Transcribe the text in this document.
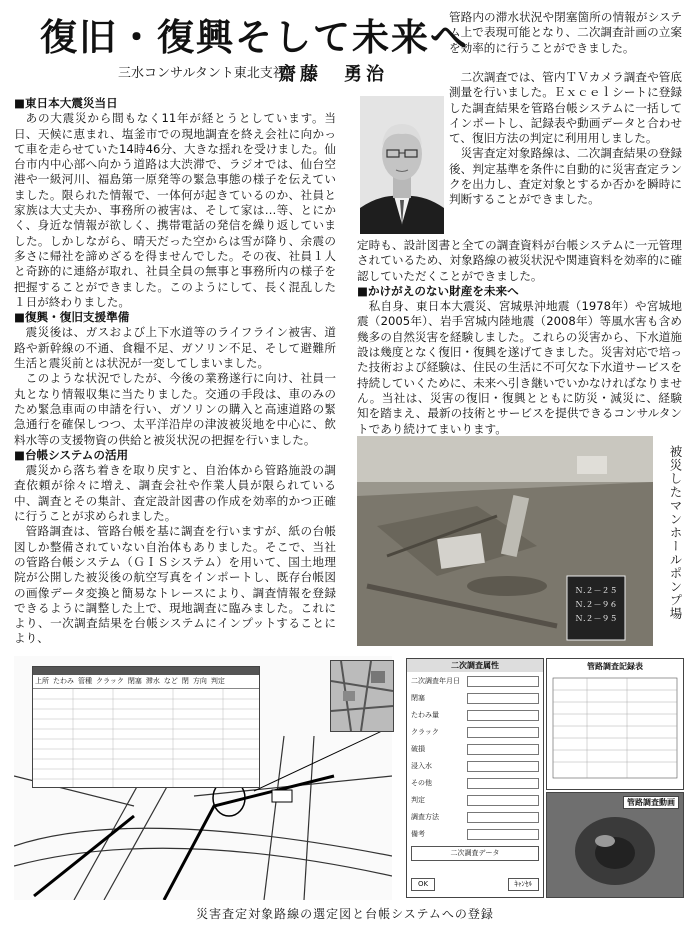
復旧・復興そして未来へ
三水コンサルタント東北支社
齋藤　勇治
■東日本大震災当日

あの大震災から間もなく11年が経とうとしています。当日、天候に恵まれ、塩釜市での現地調査を終え会社に向かって車を走らせていた14時46分、大きな揺れを受けました。仙台市内中心部へ向かう道路は大渋滞で、ラジオでは、仙台空港や一級河川、福島第一原発等の緊急事態の様子を伝えていました。限られた情報で、一体何が起きているのか、社員と家族は大丈夫か、事務所の被害は、そして家は…等、とにかく、身近な情報が欲しく、携帯電話の発信を繰り返していました。しかしながら、晴天だった空からは雪が降り、余震の多さに帰社を諦めざるを得ませんでした。その夜、社員１人と奇跡的に連絡が取れ、社員全員の無事と事務所内の様子を把握することができました。このようにして、長く混乱した１日が終わりました。

■復興・復旧支援準備

震災後は、ガスおよび上下水道等のライフライン被害、道路や新幹線の不通、食糧不足、ガソリン不足、そして避難所生活と震災前とは状況が一変してしまいました。

このような状況でしたが、今後の業務遂行に向け、社員一丸となり情報収集に当たりました。交通の手段は、車のみのため緊急車両の申請を行い、ガソリンの購入と高速道路の緊急通行を確保しつつ、太平洋沿岸の津波被災地を中心に、飲料水等の支援物資の供給と被災状況の把握を行いました。

■台帳システムの活用

震災から落ち着きを取り戻すと、自治体から管路施設の調査依頼が徐々に増え、調査会社や作業人員が限られている中、調査とその集計、査定設計図書の作成を効率的かつ正確に行うことが求められました。

管路調査は、管路台帳を基に調査を行いますが、紙の台帳図しか整備されていない自治体もありました。そこで、当社の管路台帳システム（ＧＩＳシステム）を用いて、国土地理院が公開した被災後の航空写真をインポートし、既存台帳図の画像データ変換と簡易なトレースにより、調査情報を登録できるように調整した上で、現地調査に臨みました。これにより、一次調査結果を台帳システムにインプットすることにより、

管路内の滞水状況や閉塞箇所の情報がシステム上で表現可能となり、二次調査計画の立案を効率的に行うことができました。

二次調査では、管内ＴＶカメラ調査や管底測量を行いました。Ｅｘｃｅｌシートに登録した調査結果を管路台帳システムに一括してインポートし、記録表や動画データと合わせて、復旧方法の判定に利用用しました。

災害査定対象路線は、二次調査結果の登録後、判定基準を条件に自動的に災害査定ランクを出力し、査定対象とするか否かを瞬時に判断することができました。

定時も、設計図書と全ての調査資料が台帳システムに一元管理されているため、対象路線の被災状況や関連資料を効率的に確認していただくことができました。

■かけがえのない財産を未来へ

私自身、東日本大震災、宮城県沖地震（1978年）や宮城地震（2005年）、岩手宮城内陸地震（2008年）等風水害も含め幾多の自然災害を経験しました。これらの災害から、下水道施設は幾度となく復旧・復興を遂げてきました。災害対応で培った技術および経験は、住民の生活に不可欠な下水道サービスを持続していくために、未来へ引き継いでいかなければなりません。当社は、災害の復旧・復興とともに防災・減災に、経験知を踏まえ、最新の技術とサービスを提供できるコンサルタントであり続けてまいります。

Ｎ.２－２５
Ｎ.２－９６
Ｎ.２－９５	被災したマンホールポンプ場
上所 たわみ 管種 クラック 閉塞 滞水 など 閉 方向 判定
二次調査属性
二次調査年月日
閉塞
たわみ量
クラック
破損
浸入水
その他
判定
調査方法
備考
二次調査データ
OK	ｷｬﾝｾﾙ
管路調査記録表
管路調査動画
災害査定対象路線の選定図と台帳システムへの登録
